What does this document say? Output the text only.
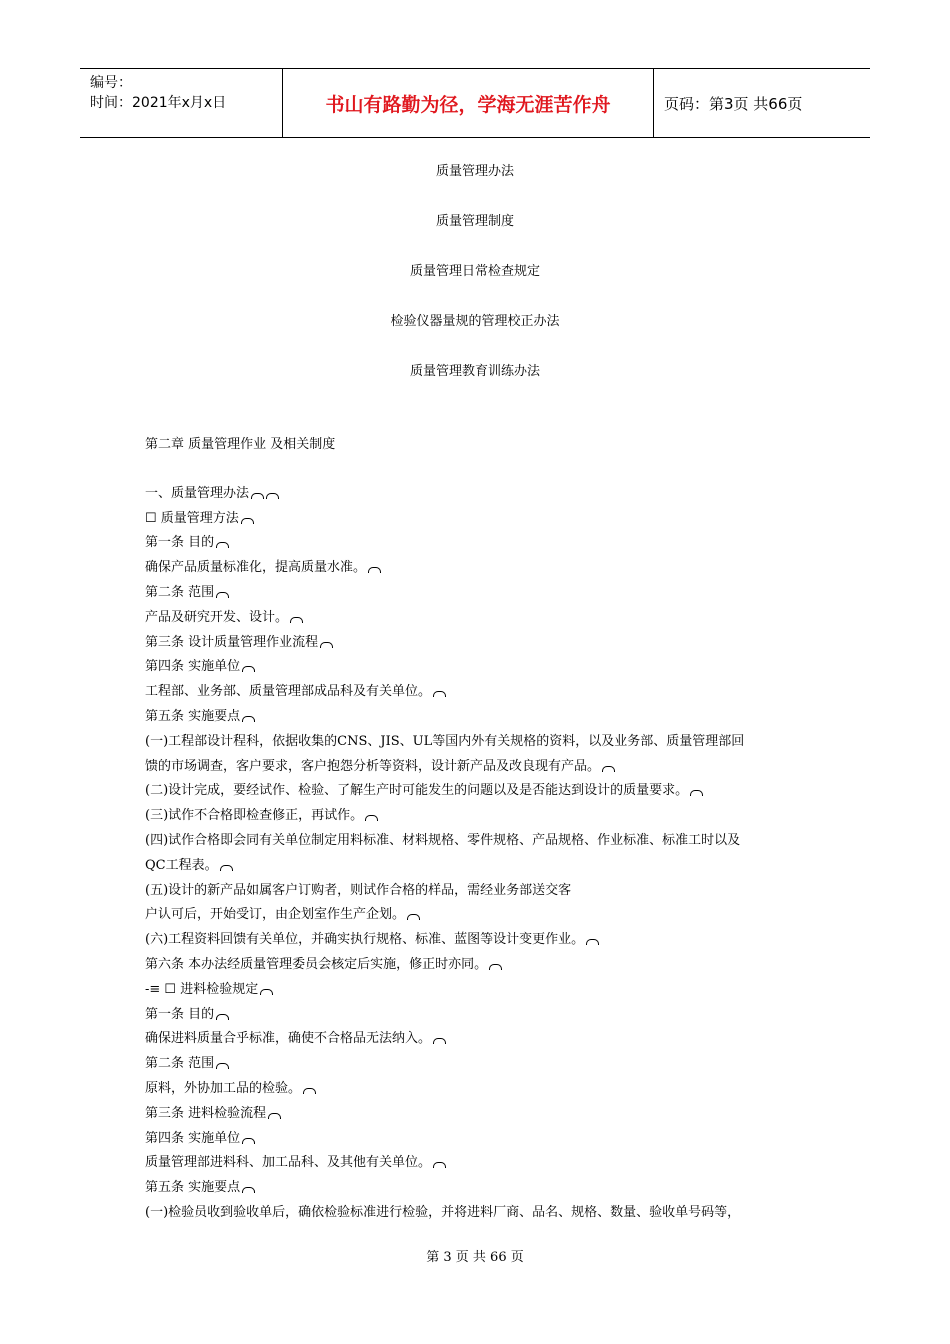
编号：
时间：2021年x月x日	书山有路勤为径，学海无涯苦作舟	页码：第3页 共66页
质量管理办法
质量管理制度
质量管理日常检查规定
检验仪器量规的管理校正办法
质量管理教育训练办法
第二章 质量管理作业 及相关制度
一、质量管理办法
☐ 质量管理方法
第一条 目的
确保产品质量标准化，提高质量水准。
第二条 范围
产品及研究开发、设计。
第三条 设计质量管理作业流程
第四条 实施单位
工程部、业务部、质量管理部成品科及有关单位。
第五条 实施要点
(一)工程部设计程科，依据收集的CNS、JIS、UL等国内外有关规格的资料，以及业务部、质量管理部回
馈的市场调查，客户要求，客户抱怨分析等资料，设计新产品及改良现有产品。
(二)设计完成，要经试作、检验、了解生产时可能发生的问题以及是否能达到设计的质量要求。
(三)试作不合格即检查修正，再试作。
(四)试作合格即会同有关单位制定用料标准、材料规格、零件规格、产品规格、作业标准、标准工时以及
QC工程表。
(五)设计的新产品如属客户订购者，则试作合格的样品，需经业务部送交客
户认可后，开始受订，由企划室作生产企划。
(六)工程资料回馈有关单位，并确实执行规格、标准、蓝图等设计变更作业。
第六条 本办法经质量管理委员会核定后实施，修正时亦同。
-≡ ☐ 进料检验规定
第一条 目的
确保进料质量合乎标准，确使不合格品无法纳入。
第二条 范围
原料，外协加工品的检验。
第三条 进料检验流程
第四条 实施单位
质量管理部进料科、加工品科、及其他有关单位。
第五条 实施要点
(一)检验员收到验收单后，确依检验标准进行检验，并将进料厂商、品名、规格、数量、验收单号码等，
第 3 页 共 66 页
